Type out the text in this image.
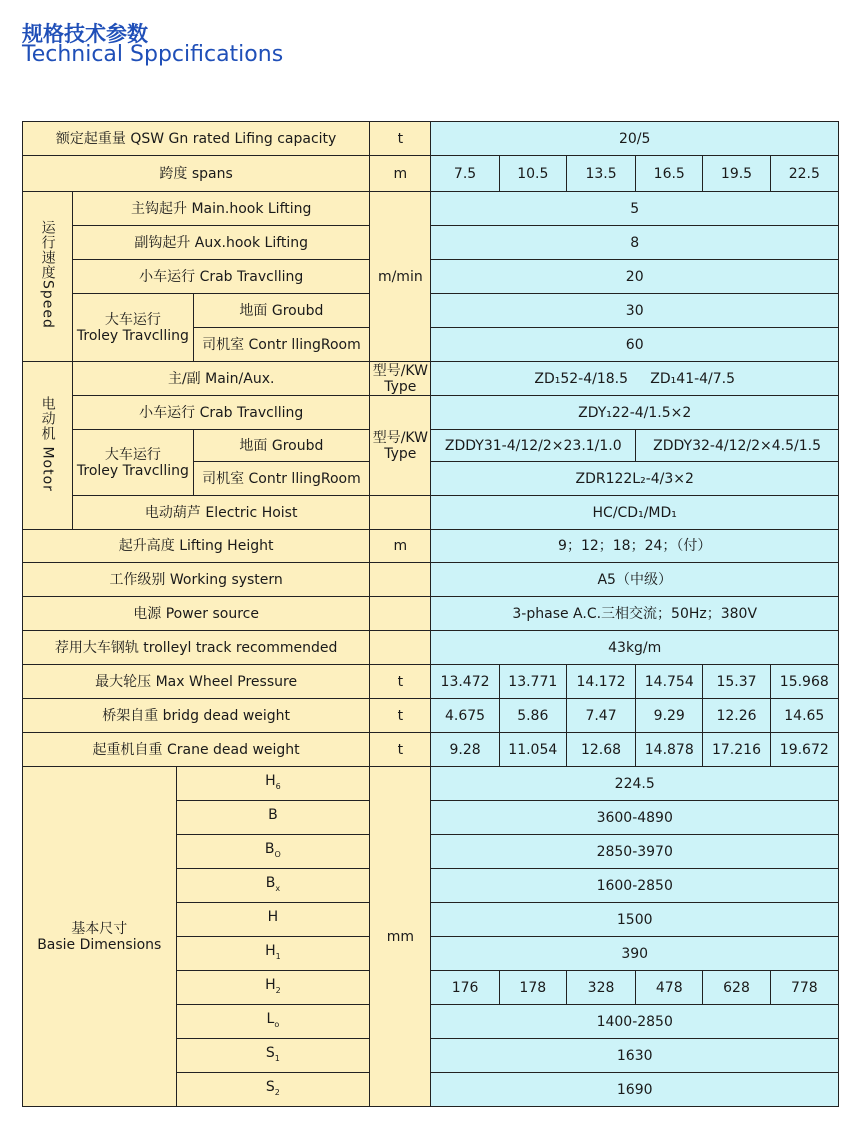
规格技术参数
Technical Sppcifications
额定起重量 QSW Gn rated Lifing capacity				t	20/5					
跨度 spans				m	7.5	10.5	13.5	16.5	19.5	22.5
运行速度Speed	主钩起升 Main.hook Lifting			m/min	5					
	副钩起升 Aux.hook Lifting				8					
	小车运行 Crab Travclling				20					
	大车运行
Troley Travclling		地面 Groubd		30					
			司机室 Contr llingRoom		60					
电动机 Motor	主/副 Main/Aux.			型号/KW
Type	ZD₁52-4/18.5 ZD₁41-4/7.5					
	小车运行 Crab Travclling			型号/KW
Type	ZDY₁22-4/1.5×2					
	大车运行
Troley Travclling		地面 Groubd		ZDDY31-4/12/2×23.1/1.0			ZDDY32-4/12/2×4.5/1.5		
			司机室 Contr llingRoom		ZDR122L₂-4/3×2					
	电动葫芦 Electric Hoist				HC/CD₁/MD₁					
起升高度 Lifting Height				m	9；12；18；24；（付）					
工作级别 Working systern					A5（中级）					
电源 Power source					3-phase A.C.三相交流；50Hz；380V					
荐用大车钢轨 trolleyl track recommended					43kg/m					
最大轮压 Max Wheel Pressure				t	13.472	13.771	14.172	14.754	15.37	15.968
桥架自重 bridg dead weight				t	4.675	5.86	7.47	9.29	12.26	14.65
起重机自重 Crane dead weight				t	9.28	11.054	12.68	14.878	17.216	19.672
基本尺寸
Basie Dimensions		$H_6$		mm	224.5					
		B			3600-4890					
		$B_O$			2850-3970					
		$B_x$			1600-2850					
		H			1500					
		$H_1$			390					
		$H_2$			176	178	328	478	628	778
		$L_o$			1400-2850					
		$S_1$			1630					
		$S_2$			1690					
